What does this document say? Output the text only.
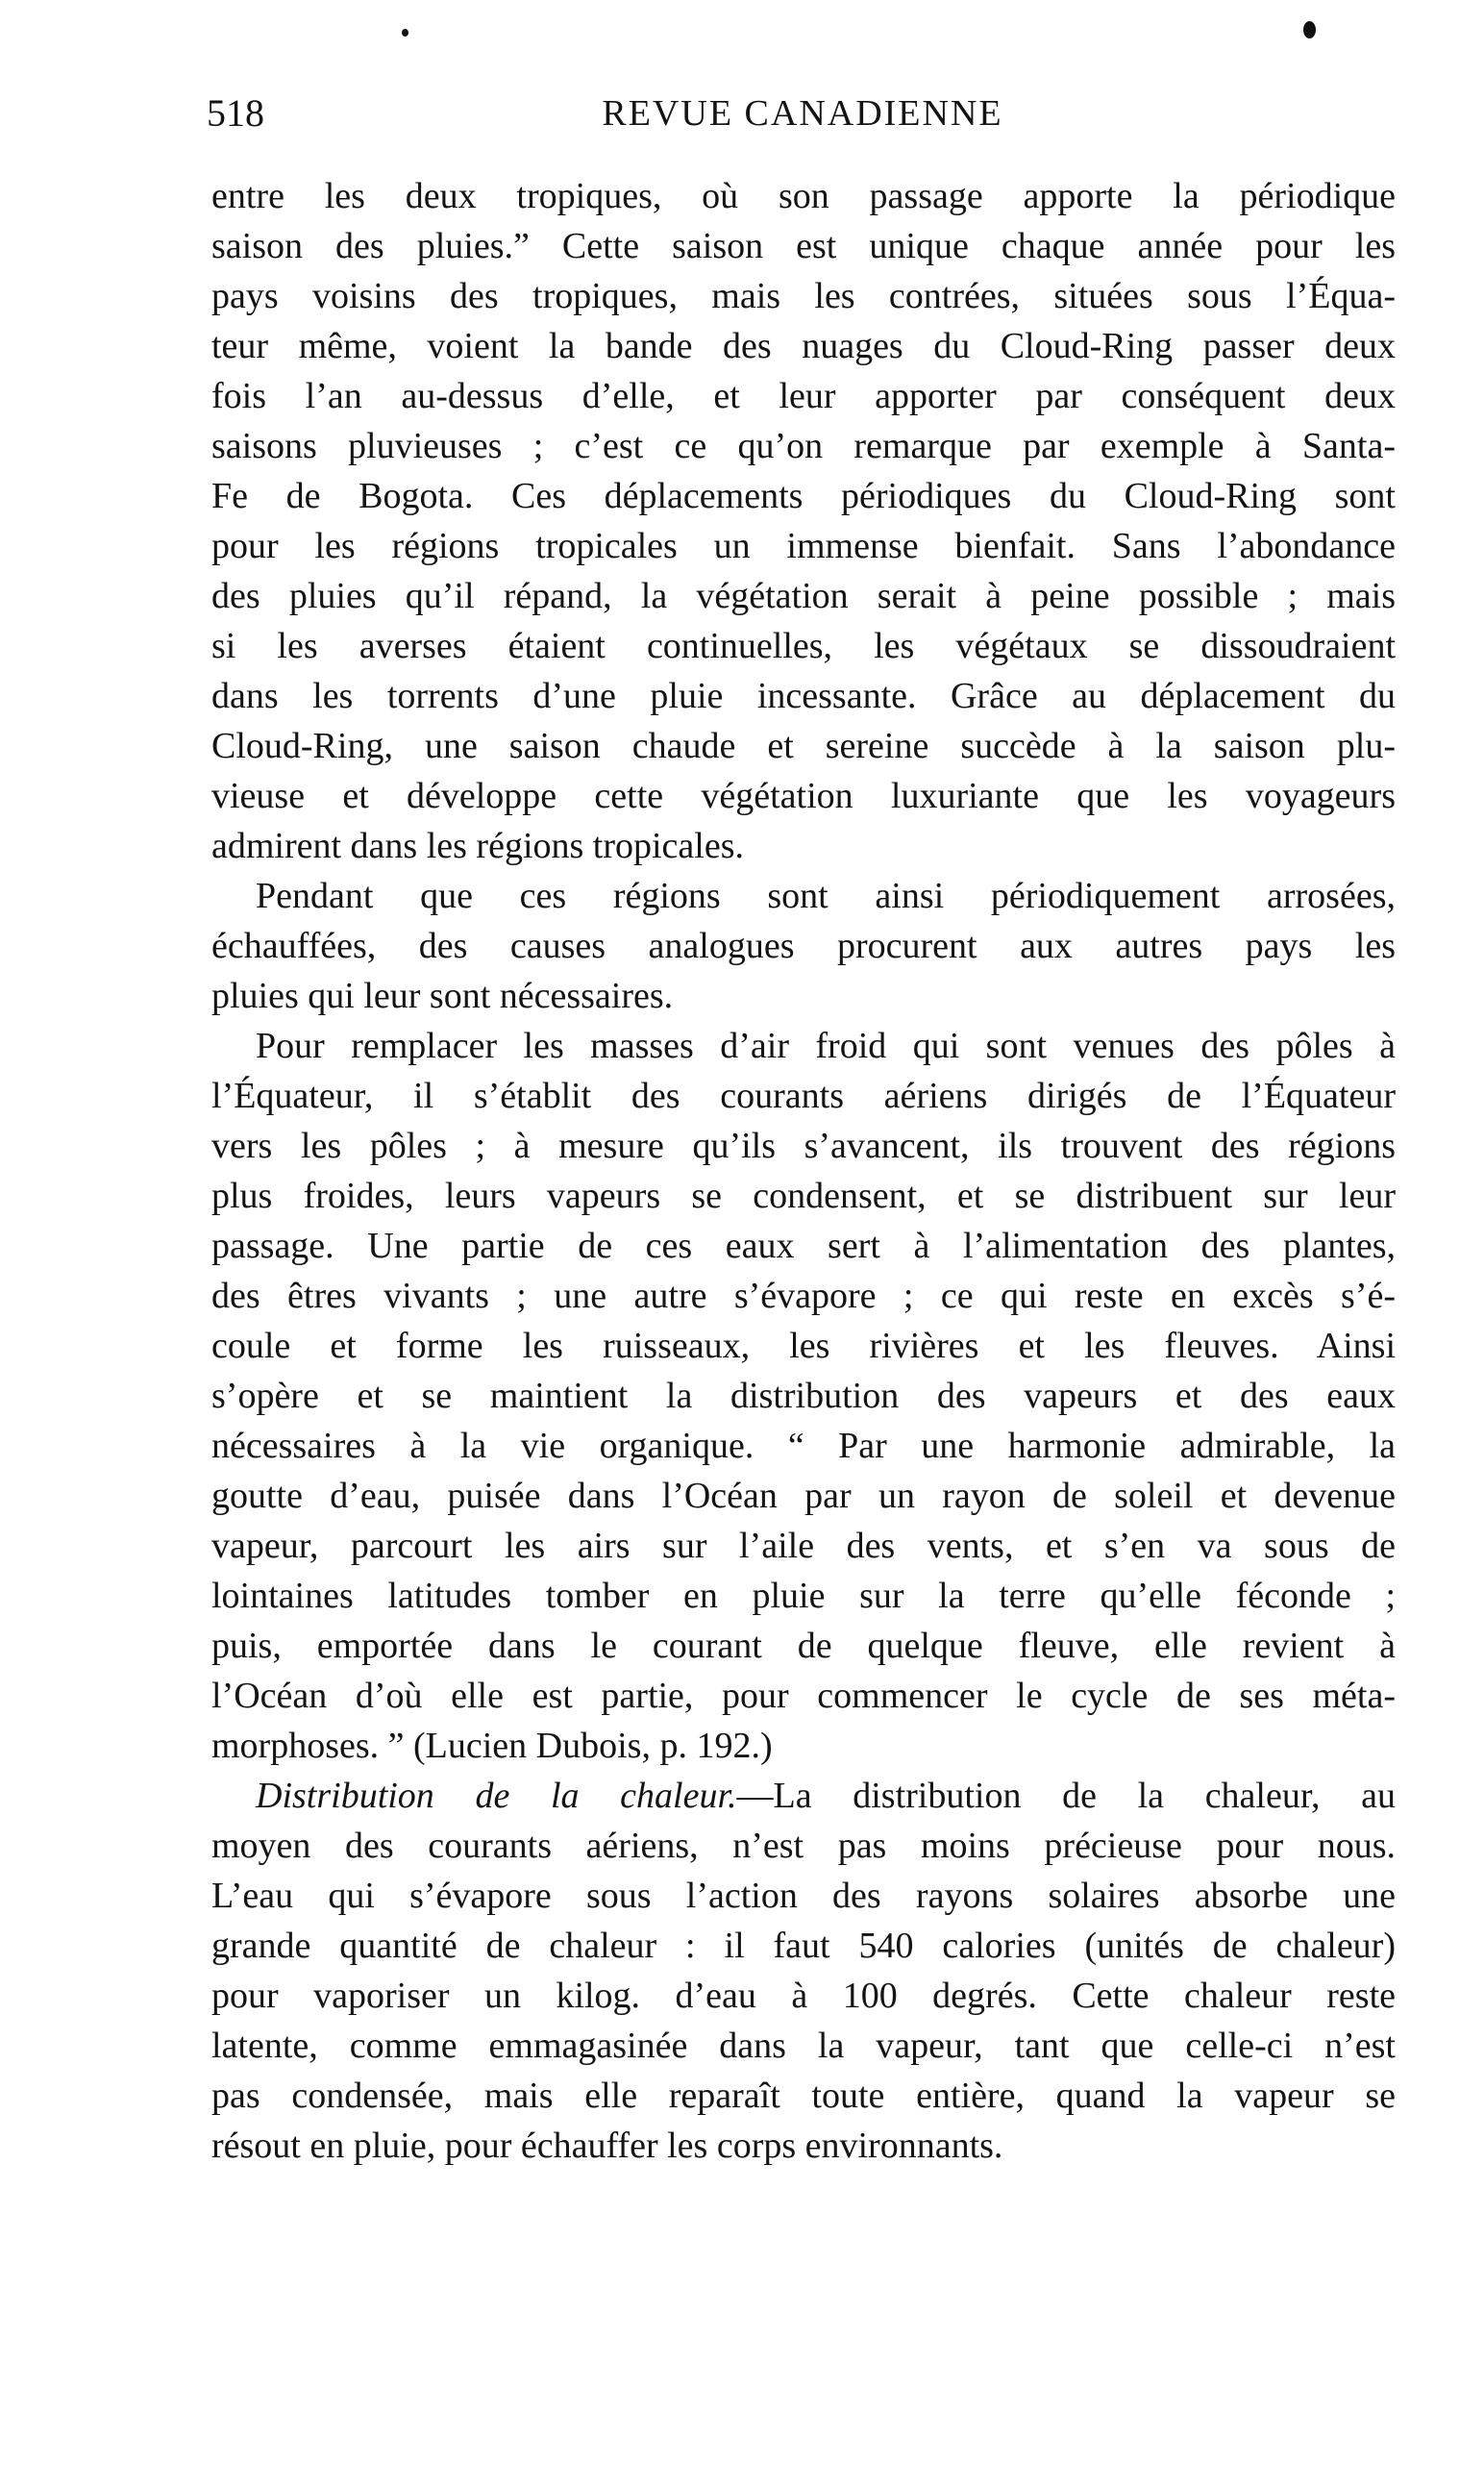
518	REVUE CANADIENNE
entre les deux tropiques, où son passage apporte la périodique
saison des pluies.” Cette saison est unique chaque année pour les
pays voisins des tropiques, mais les contrées, situées sous l’Équa-
teur même, voient la bande des nuages du Cloud-Ring passer deux
fois l’an au-dessus d’elle, et leur apporter par conséquent deux
saisons pluvieuses ; c’est ce qu’on remarque par exemple à Santa-
Fe de Bogota. Ces déplacements périodiques du Cloud-Ring sont
pour les régions tropicales un immense bienfait. Sans l’abondance
des pluies qu’il répand, la végétation serait à peine possible ; mais
si les averses étaient continuelles, les végétaux se dissoudraient
dans les torrents d’une pluie incessante. Grâce au déplacement du
Cloud-Ring, une saison chaude et sereine succède à la saison plu-
vieuse et développe cette végétation luxuriante que les voyageurs
admirent dans les régions tropicales.
Pendant que ces régions sont ainsi périodiquement arrosées,
échauffées, des causes analogues procurent aux autres pays les
pluies qui leur sont nécessaires.
Pour remplacer les masses d’air froid qui sont venues des pôles à
l’Équateur, il s’établit des courants aériens dirigés de l’Équateur
vers les pôles ; à mesure qu’ils s’avancent, ils trouvent des régions
plus froides, leurs vapeurs se condensent, et se distribuent sur leur
passage. Une partie de ces eaux sert à l’alimentation des plantes,
des êtres vivants ; une autre s’évapore ; ce qui reste en excès s’é-
coule et forme les ruisseaux, les rivières et les fleuves. Ainsi
s’opère et se maintient la distribution des vapeurs et des eaux
nécessaires à la vie organique. “ Par une harmonie admirable, la
goutte d’eau, puisée dans l’Océan par un rayon de soleil et devenue
vapeur, parcourt les airs sur l’aile des vents, et s’en va sous de
lointaines latitudes tomber en pluie sur la terre qu’elle féconde ;
puis, emportée dans le courant de quelque fleuve, elle revient à
l’Océan d’où elle est partie, pour commencer le cycle de ses méta-
morphoses. ” (Lucien Dubois, p. 192.)
Distribution de la chaleur.—La distribution de la chaleur, au
moyen des courants aériens, n’est pas moins précieuse pour nous.
L’eau qui s’évapore sous l’action des rayons solaires absorbe une
grande quantité de chaleur : il faut 540 calories (unités de chaleur)
pour vaporiser un kilog. d’eau à 100 degrés. Cette chaleur reste
latente, comme emmagasinée dans la vapeur, tant que celle-ci n’est
pas condensée, mais elle reparaît toute entière, quand la vapeur se
résout en pluie, pour échauffer les corps environnants.
